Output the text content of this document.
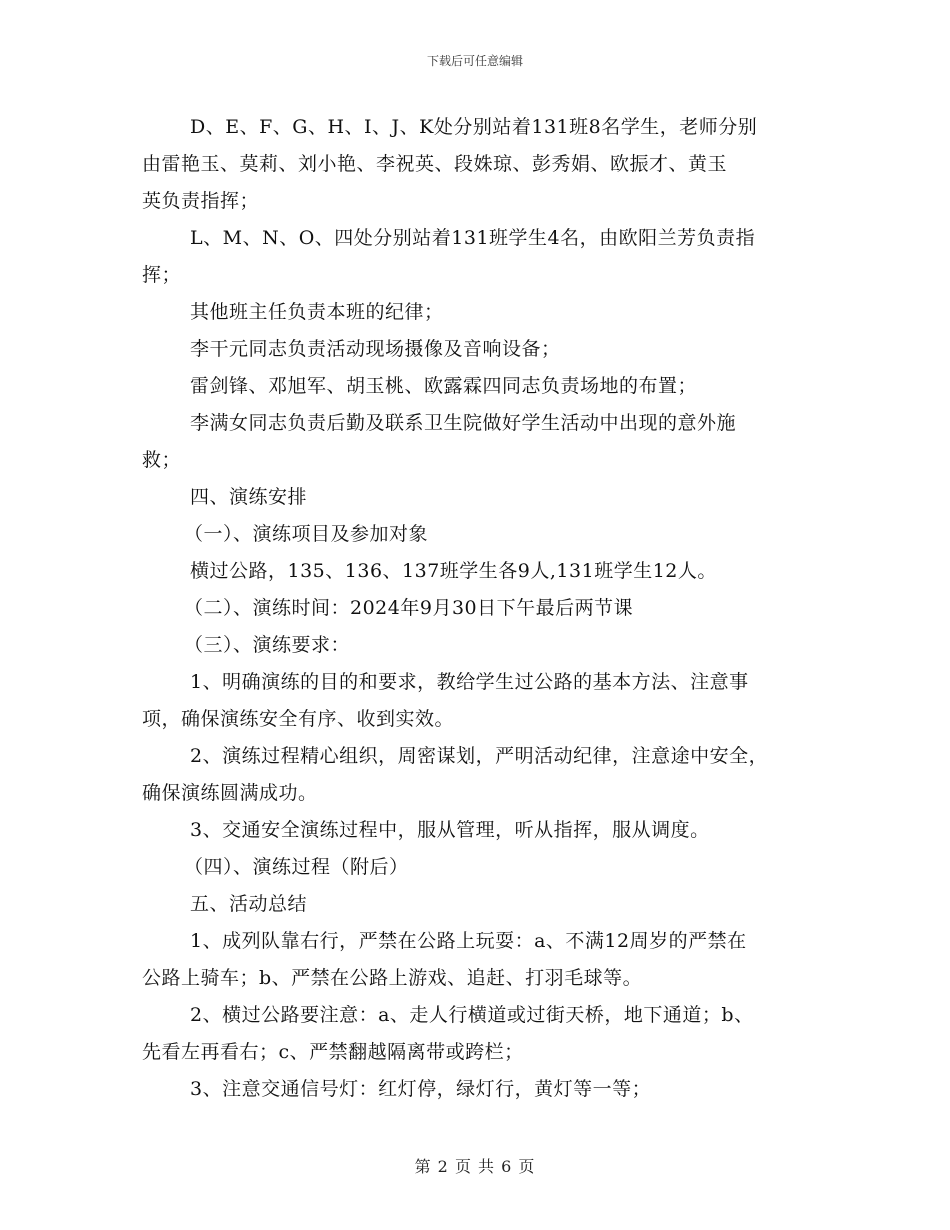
下载后可任意编辑
D、E、F、G、H、I、J、K处分别站着131班8名学生，老师分别
由雷艳玉、莫莉、刘小艳、李祝英、段姝琼、彭秀娟、欧振才、黄玉
英负责指挥；
L、M、N、O、四处分别站着131班学生4名，由欧阳兰芳负责指
挥；
其他班主任负责本班的纪律；
李干元同志负责活动现场摄像及音响设备；
雷剑锋、邓旭军、胡玉桃、欧露霖四同志负责场地的布置；
李满女同志负责后勤及联系卫生院做好学生活动中出现的意外施
救；
四、演练安排
（一）、演练项目及参加对象
横过公路，135、136、137班学生各9人,131班学生12人。
（二）、演练时间：2024年9月30日下午最后两节课
（三）、演练要求：
1、明确演练的目的和要求，教给学生过公路的基本方法、注意事
项，确保演练安全有序、收到实效。
2、演练过程精心组织，周密谋划，严明活动纪律，注意途中安全，
确保演练圆满成功。
3、交通安全演练过程中，服从管理，听从指挥，服从调度。
（四）、演练过程（附后）
五、活动总结
1、成列队靠右行，严禁在公路上玩耍：a、不满12周岁的严禁在
公路上骑车；b、严禁在公路上游戏、追赶、打羽毛球等。
2、横过公路要注意：a、走人行横道或过街天桥，地下通道；b、
先看左再看右；c、严禁翻越隔离带或跨栏；
3、注意交通信号灯：红灯停，绿灯行，黄灯等一等；
第 2 页 共 6 页
